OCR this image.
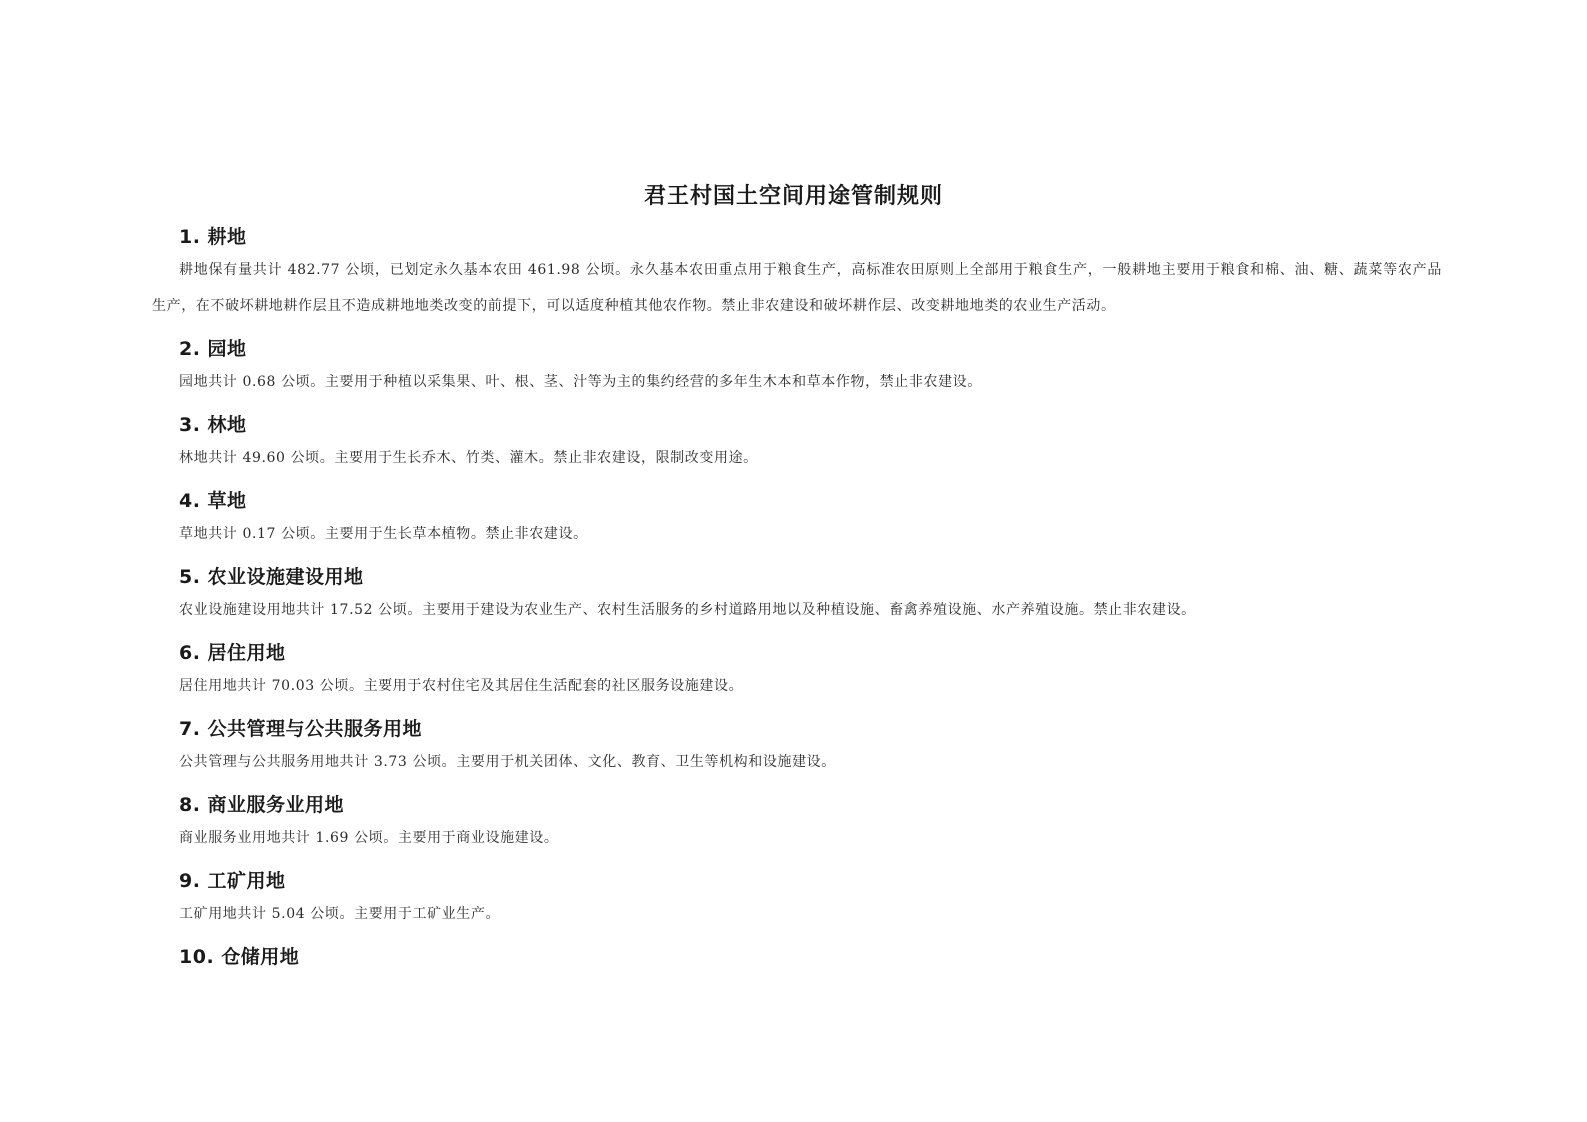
君王村国土空间用途管制规则
1. 耕地

耕地保有量共计 482.77 公顷，已划定永久基本农田 461.98 公顷。永久基本农田重点用于粮食生产，高标准农田原则上全部用于粮食生产，一般耕地主要用于粮食和棉、油、糖、蔬菜等农产品生产，在不破坏耕地耕作层且不造成耕地地类改变的前提下，可以适度种植其他农作物。禁止非农建设和破坏耕作层、改变耕地地类的农业生产活动。

2. 园地

园地共计 0.68 公顷。主要用于种植以采集果、叶、根、茎、汁等为主的集约经营的多年生木本和草本作物，禁止非农建设。

3. 林地

林地共计 49.60 公顷。主要用于生长乔木、竹类、灌木。禁止非农建设，限制改变用途。

4. 草地

草地共计 0.17 公顷。主要用于生长草本植物。禁止非农建设。

5. 农业设施建设用地

农业设施建设用地共计 17.52 公顷。主要用于建设为农业生产、农村生活服务的乡村道路用地以及种植设施、畜禽养殖设施、水产养殖设施。禁止非农建设。

6. 居住用地

居住用地共计 70.03 公顷。主要用于农村住宅及其居住生活配套的社区服务设施建设。

7. 公共管理与公共服务用地

公共管理与公共服务用地共计 3.73 公顷。主要用于机关团体、文化、教育、卫生等机构和设施建设。

8. 商业服务业用地

商业服务业用地共计 1.69 公顷。主要用于商业设施建设。

9. 工矿用地

工矿用地共计 5.04 公顷。主要用于工矿业生产。

10. 仓储用地
